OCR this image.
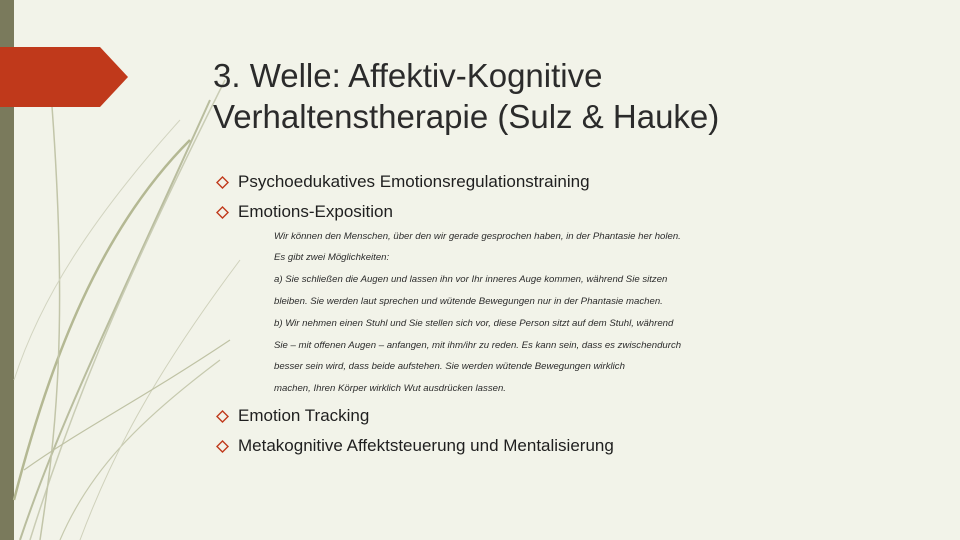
3. Welle: Affektiv-Kognitive
Verhaltenstherapie (Sulz & Hauke)
Psychoedukatives Emotionsregulationstraining
Emotions-Exposition
Wir können den Menschen, über den wir gerade gesprochen haben, in der Phantasie her holen.
Es gibt zwei Möglichkeiten:
a) Sie schließen die Augen und lassen ihn vor Ihr inneres Auge kommen, während Sie sitzen
bleiben. Sie werden laut sprechen und wütende Bewegungen nur in der Phantasie machen.
b) Wir nehmen einen Stuhl und Sie stellen sich vor, diese Person sitzt auf dem Stuhl, während
Sie – mit offenen Augen – anfangen, mit ihm/ihr zu reden. Es kann sein, dass es zwischendurch
besser sein wird, dass beide aufstehen. Sie werden wütende Bewegungen wirklich
machen, Ihren Körper wirklich Wut ausdrücken lassen.
Emotion Tracking
Metakognitive Affektsteuerung und Mentalisierung
